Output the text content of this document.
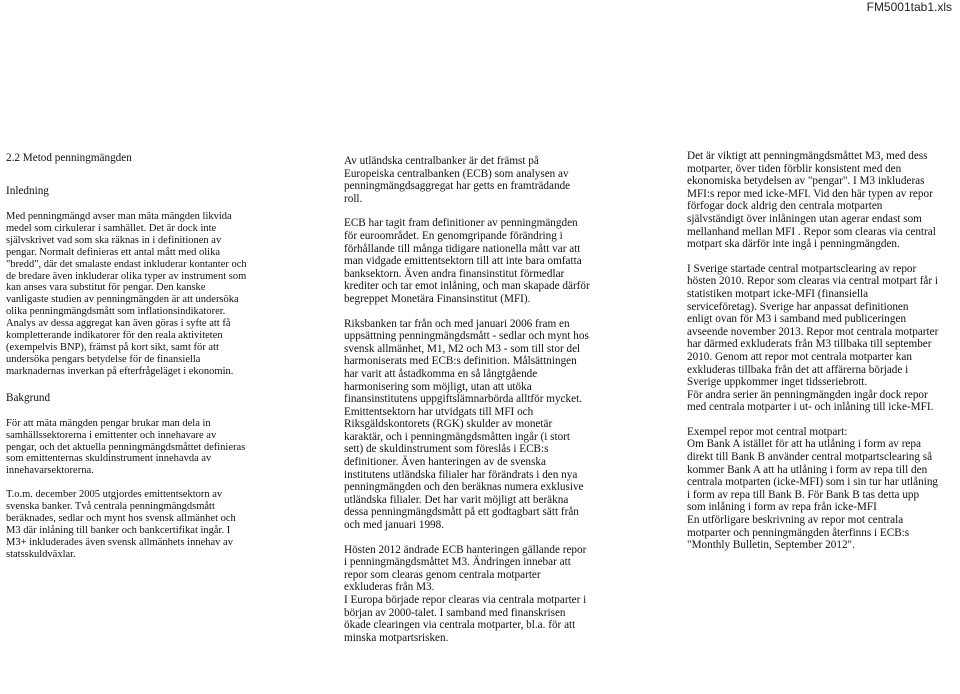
FM5001tab1.xls

2.2 Metod penningmängden

Inledning

Med penningmängd avser man mäta mängden likvida
medel som cirkulerar i samhället. Det är dock inte
självskrivet vad som ska räknas in i definitionen av
pengar. Normalt definieras ett antal mått med olika
"bredd", där det smalaste endast inkluderar kontanter och
de bredare även inkluderar olika typer av instrument som
kan anses vara substitut för pengar. Den kanske
vanligaste studien av penningmängden är att undersöka
olika penningmängdsmått som inflationsindikatorer.
Analys av dessa aggregat kan även göras i syfte att få
kompletterande indikatorer för den reala aktiviteten
(exempelvis BNP), främst på kort sikt, samt för att
undersöka pengars betydelse för de finansiella
marknadernas inverkan på efterfrågeläget i ekonomin.

Bakgrund

För att mäta mängden pengar brukar man dela in
samhällssektorerna i emittenter och innehavare av
pengar, och det aktuella penningmängdsmåttet definieras
som emittenternas skuldinstrument innehavda av
innehavarsektorerna.

T.o.m. december 2005 utgjordes emittentsektorn av
svenska banker. Två centrala penningmängdsmått
beräknades, sedlar och mynt hos svensk allmänhet och
M3 där inlåning till banker och bankcertifikat ingår. I
M3+ inkluderades även svensk allmänhets innehav av
statsskuldväxlar.

Av utländska centralbanker är det främst på
Europeiska centralbanken (ECB) som analysen av
penningmängdsaggregat har getts en framträdande
roll.

ECB har tagit fram definitioner av penningmängden
för euroområdet. En genomgripande förändring i
förhållande till många tidigare nationella mått var att
man vidgade emittentsektorn till att inte bara omfatta
banksektorn. Även andra finansinstitut förmedlar
krediter och tar emot inlåning, och man skapade därför
begreppet Monetära Finansinstitut (MFI).

Riksbanken tar från och med januari 2006 fram en
uppsättning penningmängdsmått - sedlar och mynt hos
svensk allmänhet, M1, M2 och M3 - som till stor del
harmoniserats med ECB:s definition. Målsättningen
har varit att åstadkomma en så långtgående
harmonisering som möjligt, utan att utöka
finansinstitutens uppgiftslämnarbörda alltför mycket.
Emittentsektorn har utvidgats till MFI och
Riksgäldskontorets (RGK) skulder av monetär
karaktär, och i penningmängdsmåtten ingår (i stort
sett) de skuldinstrument som föreslås i ECB:s
definitioner. Även hanteringen av de svenska
institutens utländska filialer har förändrats i den nya
penningmängden och den beräknas numera exklusive
utländska filialer. Det har varit möjligt att beräkna
dessa penningmängdsmått på ett godtagbart sätt från
och med januari 1998.

Hösten 2012 ändrade ECB hanteringen gällande repor
i penningmängdsmåttet M3. Ändringen innebar att
repor som clearas genom centrala motparter
exkluderas från M3.
I Europa började repor clearas via centrala motparter i
början av 2000-talet. I samband med finanskrisen
ökade clearingen via centrala motparter, bl.a. för att
minska motpartsrisken.

Det är viktigt att penningmängdsmåttet M3, med dess
motparter, över tiden förblir konsistent med den
ekonomiska betydelsen av "pengar". I M3 inkluderas
MFI:s repor med icke-MFI. Vid den här typen av repor
förfogar dock aldrig den centrala motparten
självständigt över inlåningen utan agerar endast som
mellanhand mellan MFI . Repor som clearas via central
motpart ska därför inte ingå i penningmängden.

I Sverige startade central motpartsclearing av repor
hösten 2010. Repor som clearas via central motpart får i
statistiken motpart icke-MFI (finansiella
serviceföretag). Sverige har anpassat definitionen
enligt ovan för M3 i samband med publiceringen
avseende november 2013. Repor mot centrala motparter
har därmed exkluderats från M3 tillbaka till september
2010. Genom att repor mot centrala motparter kan
exkluderas tillbaka från det att affärerna började i
Sverige uppkommer inget tidsseriebrott.
För andra serier än penningmängden ingår dock repor
med centrala motparter i ut- och inlåning till icke-MFI.

Exempel repor mot central motpart:
Om Bank A istället för att ha utlåning i form av repa
direkt till Bank B använder central motpartsclearing så
kommer Bank A att ha utlåning i form av repa till den
centrala motparten (icke-MFI) som i sin tur har utlåning
i form av repa till Bank B. För Bank B tas detta upp
som inlåning i form av repa från icke-MFI
En utförligare beskrivning av repor mot centrala
motparter och penningmängden återfinns i ECB:s
"Monthly Bulletin, September 2012".
